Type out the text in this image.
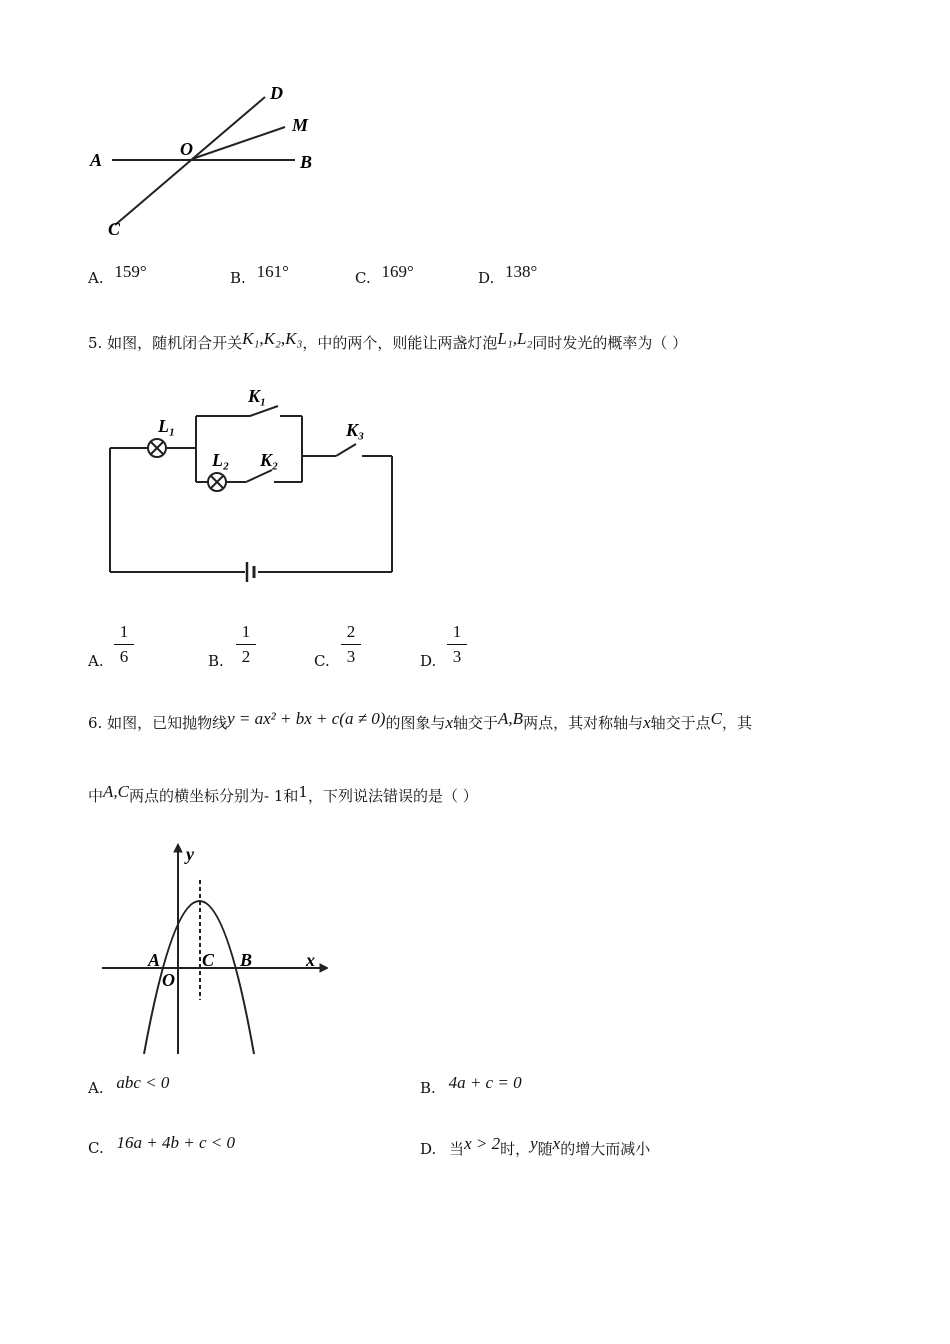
A	B
C
D
M
O
A. 159°	B. 161°	C. 169°	D. 138°
5. 如图，随机闭合开关K₁,K₂,K₃，中的两个，则能让两盏灯泡L₁,L₂同时发光的概率为（ ）
K₁
L₁
L₂ K₂
K₃
A.
1
6	B.
1
2	C.
2
3	D.
1
3
6. 如图，已知抛物线y = ax² + bx + c(a ≠ 0)的图象与x轴交于A,B两点，其对称轴与x轴交于点C，其
中A,C两点的横坐标分别为- 1和1，下列说法错误的是（ ）
y
x
A
O
C B
A. abc < 0	B. 4a + c = 0
C. 16a + 4b + c < 0	D. 当x > 2时，y随x的增大而减小
